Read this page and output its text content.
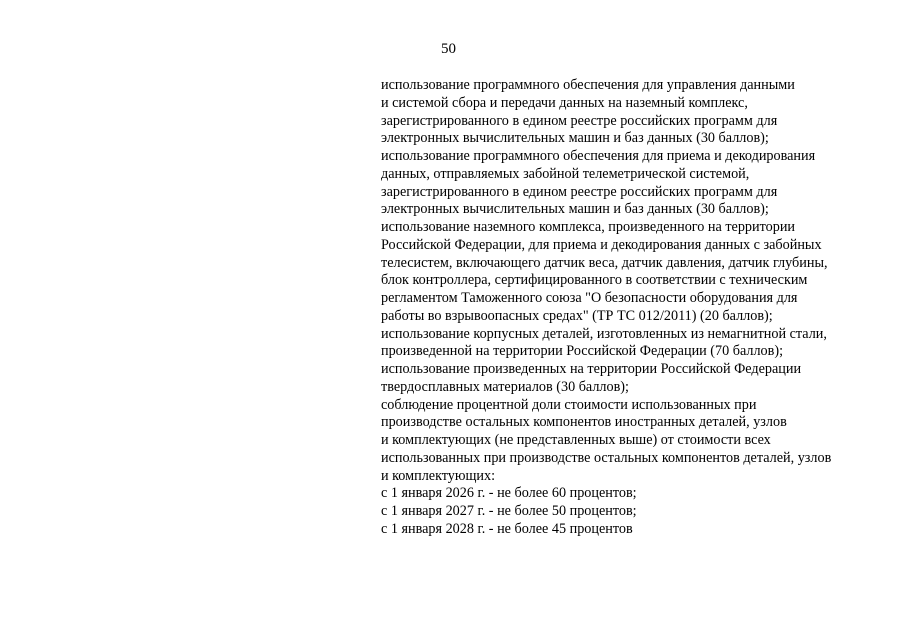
50
использование программного обеспечения для управления данными
и системой сбора и передачи данных на наземный комплекс,
зарегистрированного в едином реестре российских программ для
электронных вычислительных машин и баз данных (30 баллов);
использование программного обеспечения для приема и декодирования
данных, отправляемых забойной телеметрической системой,
зарегистрированного в едином реестре российских программ для
электронных вычислительных машин и баз данных (30 баллов);
использование наземного комплекса, произведенного на территории
Российской Федерации, для приема и декодирования данных с забойных
телесистем, включающего датчик веса, датчик давления, датчик глубины,
блок контроллера, сертифицированного в соответствии с техническим
регламентом Таможенного союза "О безопасности оборудования для
работы во взрывоопасных средах" (ТР ТС 012/2011) (20 баллов);
использование корпусных деталей, изготовленных из немагнитной стали,
произведенной на территории Российской Федерации (70 баллов);
использование произведенных на территории Российской Федерации
твердосплавных материалов (30 баллов);
соблюдение процентной доли стоимости использованных при
производстве остальных компонентов иностранных деталей, узлов
и комплектующих (не представленных выше) от стоимости всех
использованных при производстве остальных компонентов деталей, узлов
и комплектующих:
с 1 января 2026 г. - не более 60 процентов;
с 1 января 2027 г. - не более 50 процентов;
с 1 января 2028 г. - не более 45 процентов
